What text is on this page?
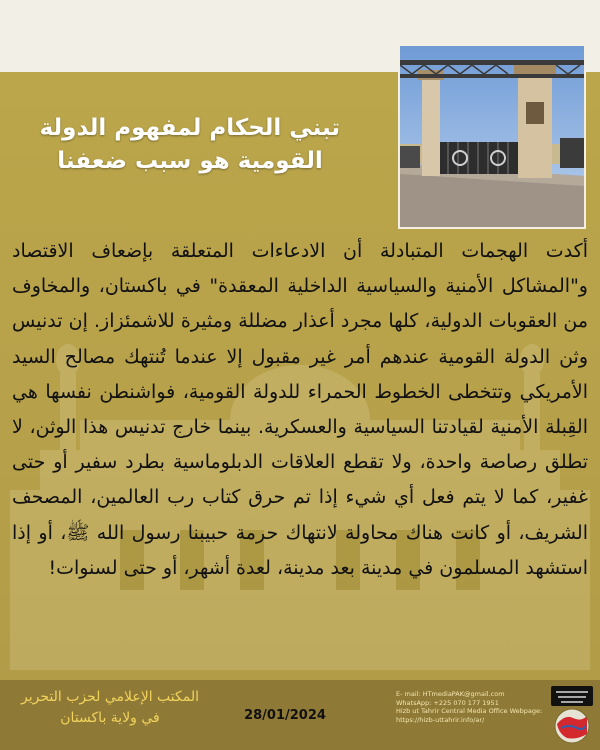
تبني الحكام لمفهوم الدولة
القومية هو سبب ضعفنا
أكدت الهجمات المتبادلة أن الادعاءات المتعلقة بإضعاف الاقتصاد و"المشاكل الأمنية والسياسية الداخلية المعقدة" في باكستان، والمخاوف من العقوبات الدولية، كلها مجرد أعذار مضللة ومثيرة للاشمئزاز. إن تدنيس وثن الدولة القومية عندهم أمر غير مقبول إلا عندما تُنتهك مصالح السيد الأمريكي وتتخطى الخطوط الحمراء للدولة القومية، فواشنطن نفسها هي القِبلة الأمنية لقيادتنا السياسية والعسكرية. بينما خارج تدنيس هذا الوثن، لا تطلق رصاصة واحدة، ولا تقطع العلاقات الدبلوماسية بطرد سفير أو حتى غفير، كما لا يتم فعل أي شيء إذا تم حرق كتاب رب العالمين، المصحف الشريف، أو كانت هناك محاولة لانتهاك حرمة حبيبنا رسول الله ﷺ، أو إذا استشهد المسلمون في مدينة بعد مدينة، لعدة أشهر، أو حتى لسنوات!
المكتب الإعلامي لحزب التحرير
في ولاية باكستان	28/01/2024
E- mail: HTmediaPAK@gmail.com
WhatsApp: +225 070 177 1951
Hizb ut Tahrir Central Media Office Webpage:
https://hizb-uttahrir.info/ar/
